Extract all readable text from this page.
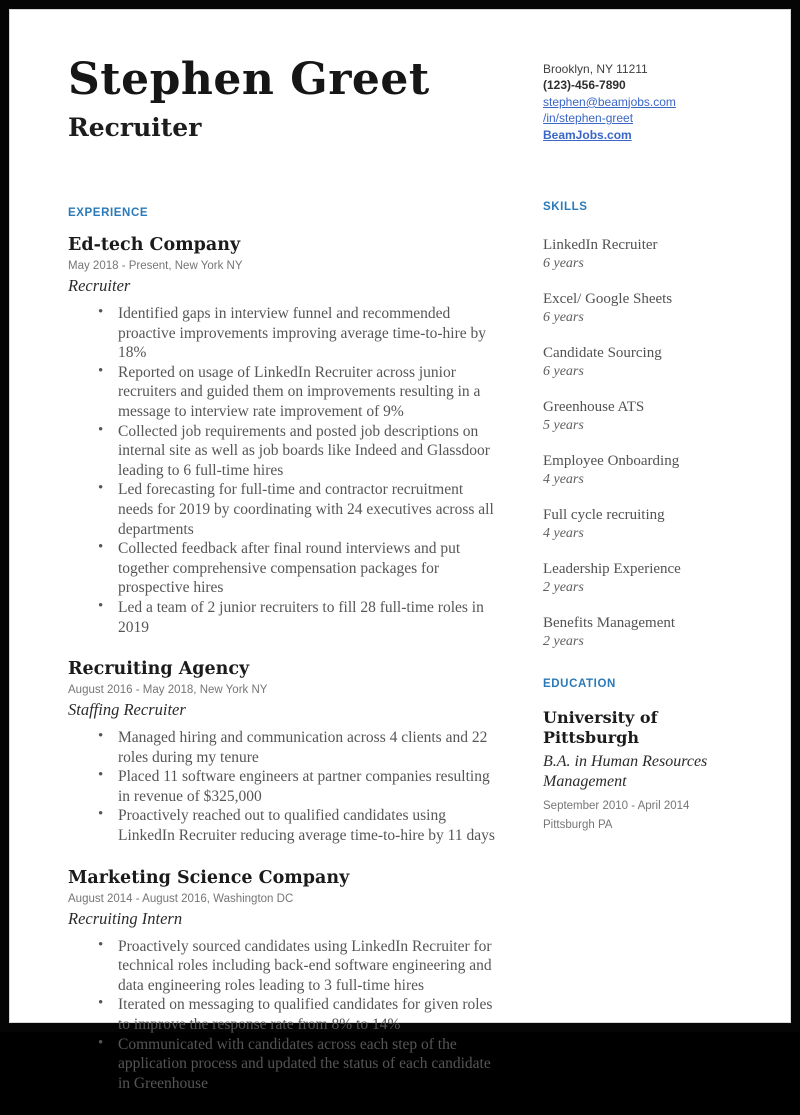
Stephen Greet
Recruiter
EXPERIENCE
Ed-tech Company
May 2018 - Present, New York NY
Recruiter
• Identified gaps in interview funnel and recommended proactive improvements improving average time-to-hire by 18%
• Reported on usage of LinkedIn Recruiter across junior recruiters and guided them on improvements resulting in a message to interview rate improvement of 9%
• Collected job requirements and posted job descriptions on internal site as well as job boards like Indeed and Glassdoor leading to 6 full-time hires
• Led forecasting for full-time and contractor recruitment needs for 2019 by coordinating with 24 executives across all departments
• Collected feedback after final round interviews and put together comprehensive compensation packages for prospective hires
• Led a team of 2 junior recruiters to fill 28 full-time roles in 2019
Recruiting Agency
August 2016 - May 2018, New York NY
Staffing Recruiter
• Managed hiring and communication across 4 clients and 22 roles during my tenure
• Placed 11 software engineers at partner companies resulting in revenue of $325,000
• Proactively reached out to qualified candidates using LinkedIn Recruiter reducing average time-to-hire by 11 days
Marketing Science Company
August 2014 - August 2016, Washington DC
Recruiting Intern
• Proactively sourced candidates using LinkedIn Recruiter for technical roles including back-end software engineering and data engineering roles leading to 3 full-time hires
• Iterated on messaging to qualified candidates for given roles to improve the response rate from 8% to 14%
• Communicated with candidates across each step of the application process and updated the status of each candidate in Greenhouse
Brooklyn, NY 11211
(123)-456-7890
stephen@beamjobs.com
/in/stephen-greet
BeamJobs.com
SKILLS
LinkedIn Recruiter
6 years
Excel/ Google Sheets
6 years
Candidate Sourcing
6 years
Greenhouse ATS
5 years
Employee Onboarding
4 years
Full cycle recruiting
4 years
Leadership Experience
2 years
Benefits Management
2 years
EDUCATION
University of Pittsburgh
B.A. in Human Resources Management
September 2010 - April 2014
Pittsburgh PA
